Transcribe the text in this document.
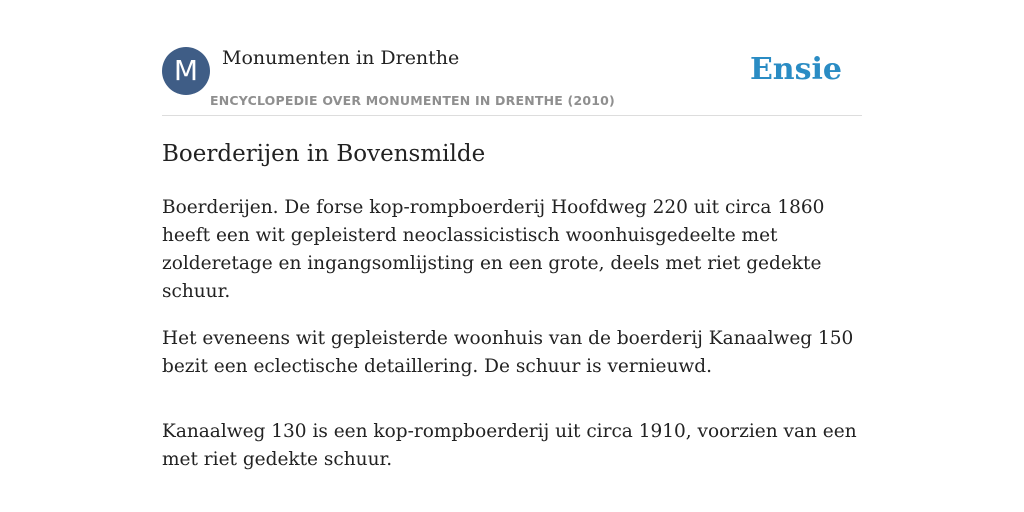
M	Monumenten in Drenthe
ENCYCLOPEDIE OVER MONUMENTEN IN DRENTHE (2010)
Ensie
Boerderijen in Bovensmilde

Boerderijen. De forse kop-rompboerderij Hoofdweg 220 uit circa 1860 heeft een wit gepleisterd neoclassicistisch woonhuisgedeelte met zolderetage en ingangsomlijsting en een grote, deels met riet gedekte schuur.

Het eveneens wit gepleisterde woonhuis van de boerderij Kanaalweg 150 bezit een eclectische detaillering. De schuur is vernieuwd.

Kanaalweg 130 is een kop-rompboerderij uit circa 1910, voorzien van een met riet gedekte schuur.
